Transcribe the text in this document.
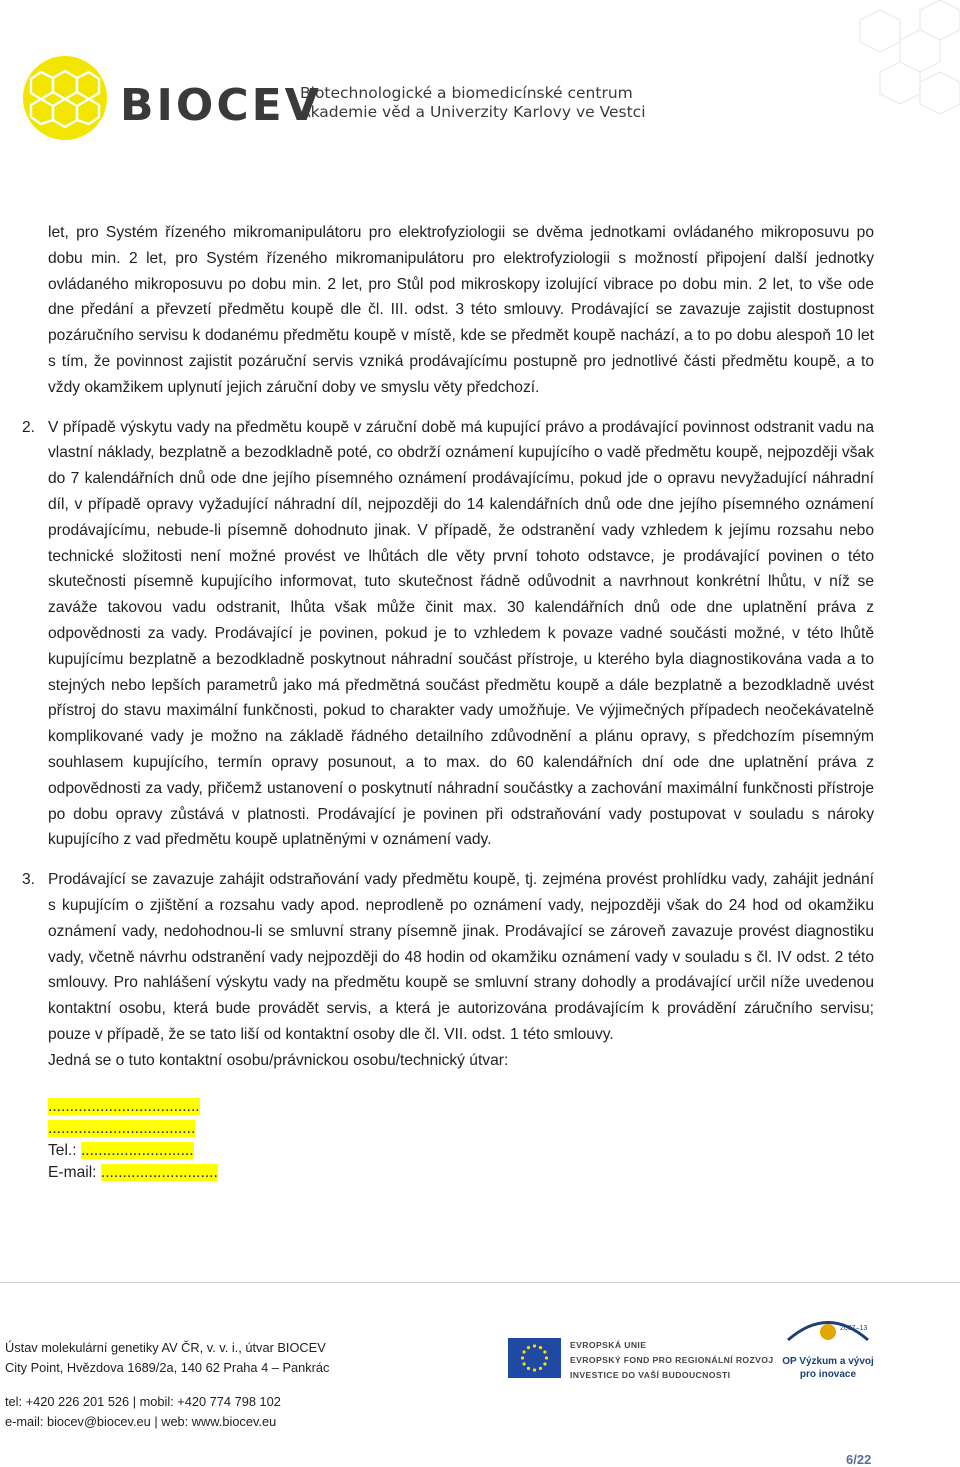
BIOCEV
Biotechnologické a biomedicínské centrum
Akademie věd a Univerzity Karlovy ve Vestci

let, pro Systém řízeného mikromanipulátoru pro elektrofyziologii se dvěma jednotkami ovládaného mikroposuvu po dobu min. 2 let, pro Systém řízeného mikromanipulátoru pro elektrofyziologii s možností připojení další jednotky ovládaného mikroposuvu po dobu min. 2 let, pro Stůl pod mikroskopy izolující vibrace po dobu min. 2 let, to vše ode dne předání a převzetí předmětu koupě dle čl. III. odst. 3 této smlouvy. Prodávající se zavazuje zajistit dostupnost pozáručního servisu k dodanému předmětu koupě v místě, kde se předmět koupě nachází, a to po dobu alespoň 10 let s tím, že povinnost zajistit pozáruční servis vzniká prodávajícímu postupně pro jednotlivé části předmětu koupě, a to vždy okamžikem uplynutí jejich záruční doby ve smyslu věty předchozí.

2. V případě výskytu vady na předmětu koupě v záruční době má kupující právo a prodávající povinnost odstranit vadu na vlastní náklady, bezplatně a bezodkladně poté, co obdrží oznámení kupujícího o vadě předmětu koupě, nejpozději však do 7 kalendářních dnů ode dne jejího písemného oznámení prodávajícímu, pokud jde o opravu nevyžadující náhradní díl, v případě opravy vyžadující náhradní díl, nejpozději do 14 kalendářních dnů ode dne jejího písemného oznámení prodávajícímu, nebude-li písemně dohodnuto jinak. V případě, že odstranění vady vzhledem k jejímu rozsahu nebo technické složitosti není možné provést ve lhůtách dle věty první tohoto odstavce, je prodávající povinen o této skutečnosti písemně kupujícího informovat, tuto skutečnost řádně odůvodnit a navrhnout konkrétní lhůtu, v níž se zaváže takovou vadu odstranit, lhůta však může činit max. 30 kalendářních dnů ode dne uplatnění práva z odpovědnosti za vady. Prodávající je povinen, pokud je to vzhledem k povaze vadné součásti možné, v této lhůtě kupujícímu bezplatně a bezodkladně poskytnout náhradní součást přístroje, u kterého byla diagnostikována vada a to stejných nebo lepších parametrů jako má předmětná součást předmětu koupě a dále bezplatně a bezodkladně uvést přístroj do stavu maximální funkčnosti, pokud to charakter vady umožňuje. Ve výjimečných případech neočekávatelně komplikované vady je možno na základě řádného detailního zdůvodnění a plánu opravy, s předchozím písemným souhlasem kupujícího, termín opravy posunout, a to max. do 60 kalendářních dní ode dne uplatnění práva z odpovědnosti za vady, přičemž ustanovení o poskytnutí náhradní součástky a zachování maximální funkčnosti přístroje po dobu opravy zůstává v platnosti. Prodávající je povinen při odstraňování vady postupovat v souladu s nároky kupujícího z vad předmětu koupě uplatněnými v oznámení vady.

3. Prodávající se zavazuje zahájit odstraňování vady předmětu koupě, tj. zejména provést prohlídku vady, zahájit jednání s kupujícím o zjištění a rozsahu vady apod. neprodleně po oznámení vady, nejpozději však do 24 hod od okamžiku oznámení vady, nedohodnou-li se smluvní strany písemně jinak. Prodávající se zároveň zavazuje provést diagnostiku vady, včetně návrhu odstranění vady nejpozději do 48 hodin od okamžiku oznámení vady v souladu s čl. IV odst. 2 této smlouvy. Pro nahlášení výskytu vady na předmětu koupě se smluvní strany dohodly a prodávající určil níže uvedenou kontaktní osobu, která bude provádět servis, a která je autorizována prodávajícím k provádění záručního servisu; pouze v případě, že se tato liší od kontaktní osoby dle čl. VII. odst. 1 této smlouvy.

Jedná se o tuto kontaktní osobu/právnickou osobu/technický útvar:

...................................
..................................
Tel.: ..........................
E-mail: ...........................
Ústav molekulární genetiky AV ČR, v. v. i., útvar BIOCEV
City Point, Hvězdova 1689/2a, 140 62 Praha 4 – Pankrác
tel: +420 226 201 526 | mobil: +420 774 798 102
e-mail: biocev@biocev.eu | web: www.biocev.eu
EVROPSKÁ UNIE
EVROPSKÝ FOND PRO REGIONÁLNÍ ROZVOJ
INVESTICE DO VAŠÍ BUDOUCNOSTI
2007–13
OP Výzkum a vývoj
pro inovace
6/22
